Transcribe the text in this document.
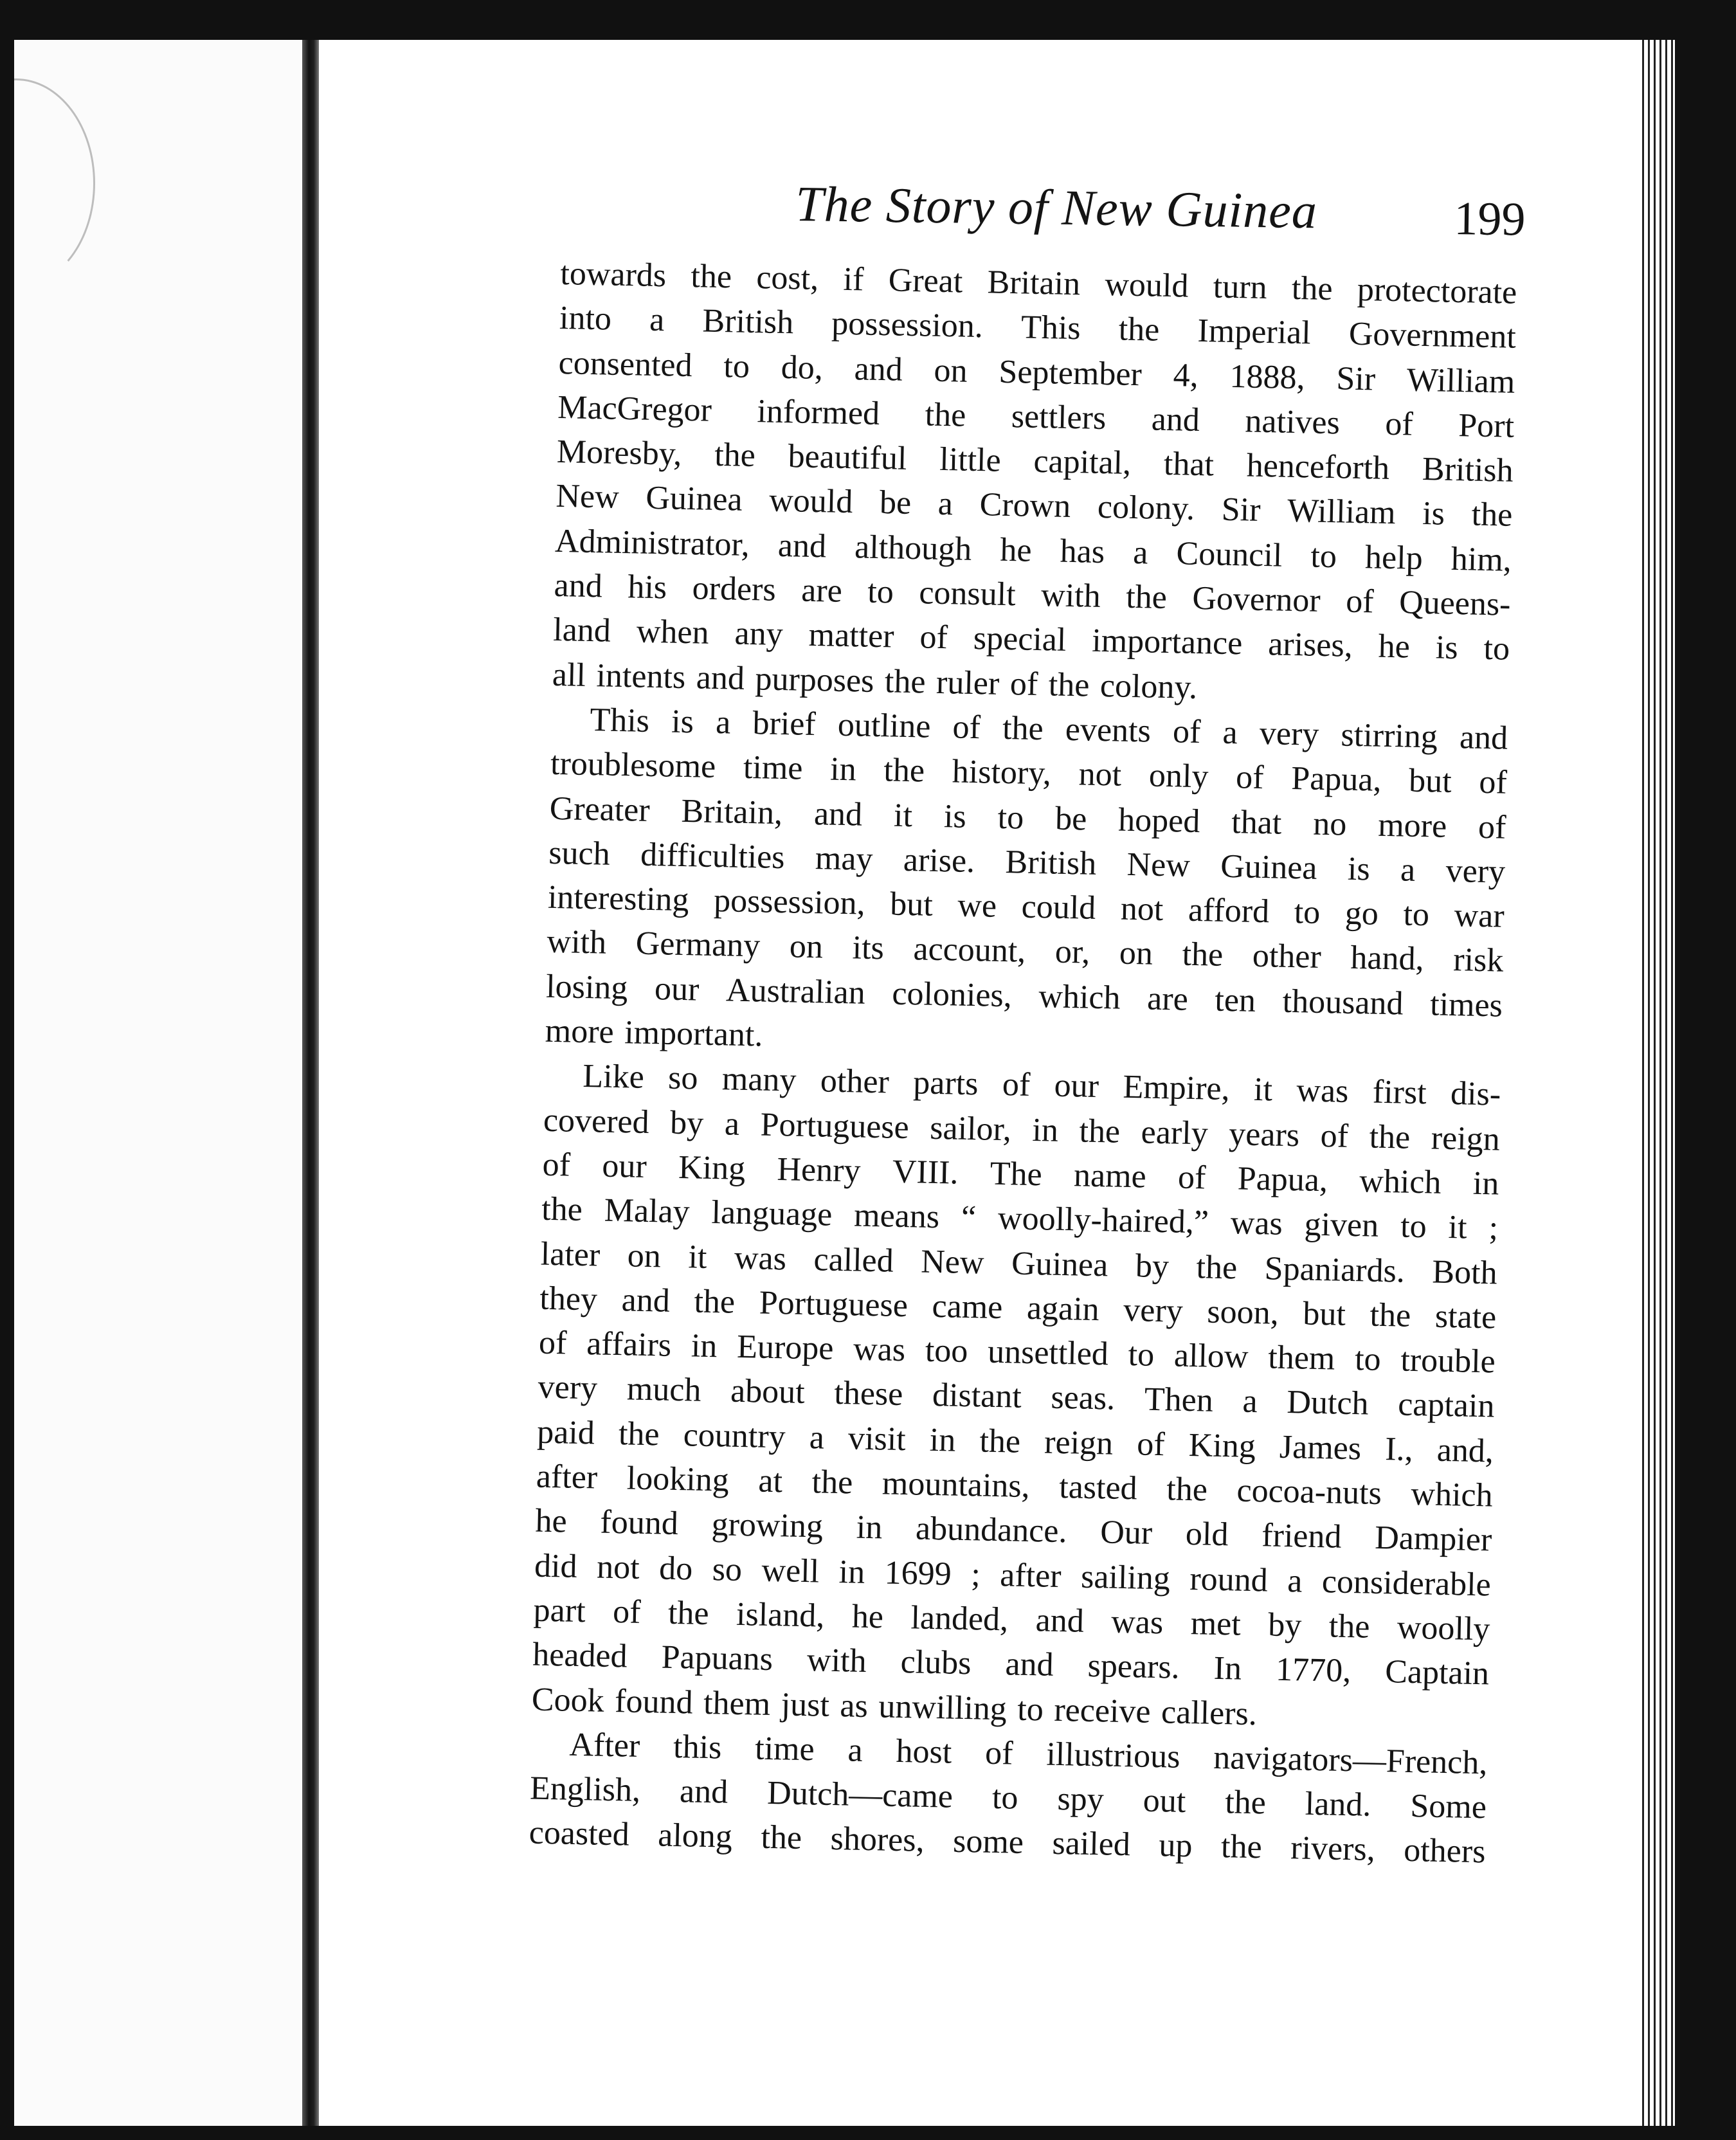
The Story of New Guinea	199
towards the cost, if Great Britain would turn the protectorate
into a British possession. This the Imperial Government
consented to do, and on September 4, 1888, Sir William
MacGregor informed the settlers and natives of Port
Moresby, the beautiful little capital, that henceforth British
New Guinea would be a Crown colony. Sir William is the
Administrator, and although he has a Council to help him,
and his orders are to consult with the Governor of Queens-
land when any matter of special importance arises, he is to
all intents and purposes the ruler of the colony.
This is a brief outline of the events of a very stirring and
troublesome time in the history, not only of Papua, but of
Greater Britain, and it is to be hoped that no more of
such difficulties may arise. British New Guinea is a very
interesting possession, but we could not afford to go to war
with Germany on its account, or, on the other hand, risk
losing our Australian colonies, which are ten thousand times
more important.
Like so many other parts of our Empire, it was first dis-
covered by a Portuguese sailor, in the early years of the reign
of our King Henry VIII. The name of Papua, which in
the Malay language means “ woolly-haired,” was given to it ;
later on it was called New Guinea by the Spaniards. Both
they and the Portuguese came again very soon, but the state
of affairs in Europe was too unsettled to allow them to trouble
very much about these distant seas. Then a Dutch captain
paid the country a visit in the reign of King James I., and,
after looking at the mountains, tasted the cocoa-nuts which
he found growing in abundance. Our old friend Dampier
did not do so well in 1699 ; after sailing round a considerable
part of the island, he landed, and was met by the woolly
headed Papuans with clubs and spears. In 1770, Captain
Cook found them just as unwilling to receive callers.
After this time a host of illustrious navigators—French,
English, and Dutch—came to spy out the land. Some
coasted along the shores, some sailed up the rivers, others
